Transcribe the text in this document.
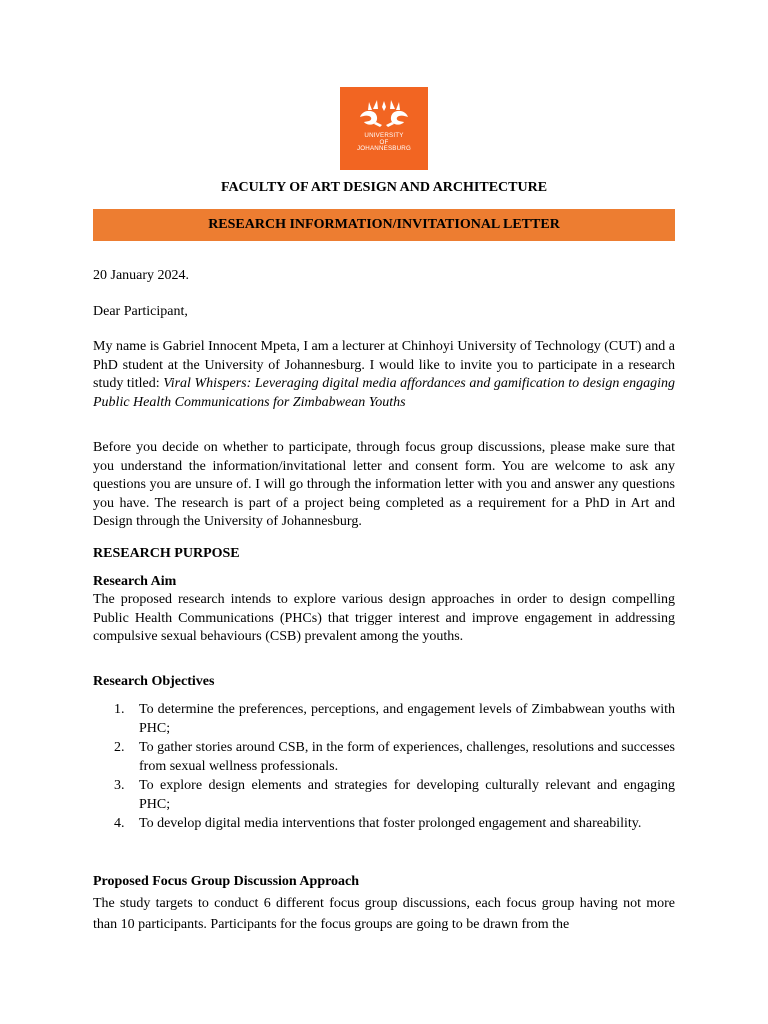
UNIVERSITY
OF
JOHANNESBURG
FACULTY OF ART DESIGN AND ARCHITECTURE
RESEARCH INFORMATION/INVITATIONAL LETTER
20 January 2024.
Dear Participant,
My name is Gabriel Innocent Mpeta, I am a lecturer at Chinhoyi University of Technology (CUT) and a PhD student at the University of Johannesburg. I would like to invite you to participate in a research study titled: Viral Whispers: Leveraging digital media affordances and gamification to design engaging Public Health Communications for Zimbabwean Youths
Before you decide on whether to participate, through focus group discussions, please make sure that you understand the information/invitational letter and consent form. You are welcome to ask any questions you are unsure of. I will go through the information letter with you and answer any questions you have. The research is part of a project being completed as a requirement for a PhD in Art and Design through the University of Johannesburg.
RESEARCH PURPOSE
Research Aim
The proposed research intends to explore various design approaches in order to design compelling Public Health Communications (PHCs) that trigger interest and improve engagement in addressing compulsive sexual behaviours (CSB) prevalent among the youths.
Research Objectives
1. To determine the preferences, perceptions, and engagement levels of Zimbabwean youths with PHC;
2. To gather stories around CSB, in the form of experiences, challenges, resolutions and successes from sexual wellness professionals.
3. To explore design elements and strategies for developing culturally relevant and engaging PHC;
4. To develop digital media interventions that foster prolonged engagement and shareability.
Proposed Focus Group Discussion Approach
The study targets to conduct 6 different focus group discussions, each focus group having not more than 10 participants. Participants for the focus groups are going to be drawn from the
